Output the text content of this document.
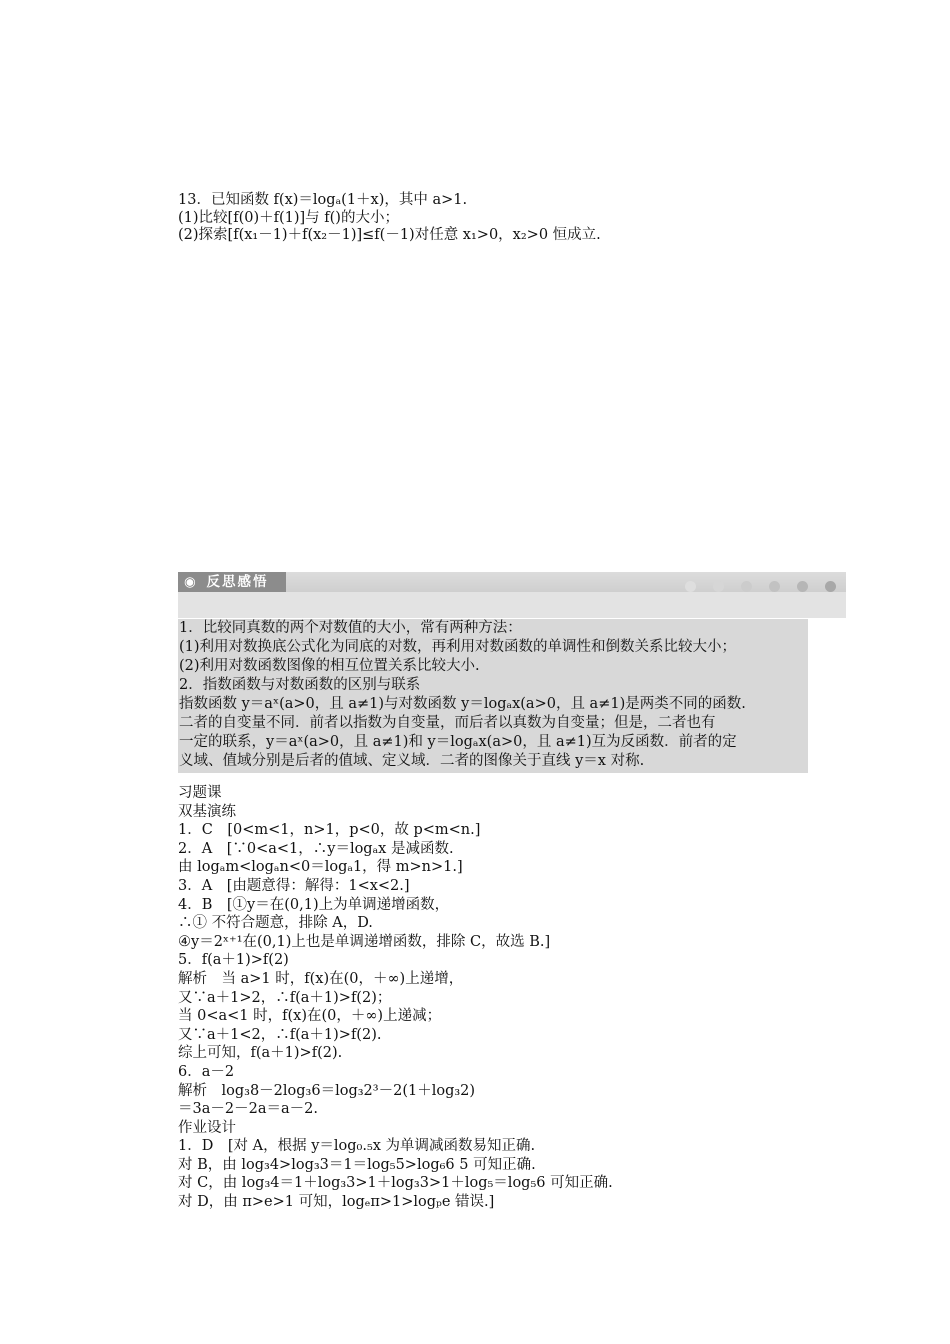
13．已知函数 f(x)＝logₐ(1＋x)，其中 a>1.
(1)比较[f(0)＋f(1)]与 f()的大小；
(2)探索[f(x₁－1)＋f(x₂－1)]≤f(－1)对任意 x₁>0，x₂>0 恒成立.
◉ 反思感悟

1．比较同真数的两个对数值的大小，常有两种方法：
(1)利用对数换底公式化为同底的对数，再利用对数函数的单调性和倒数关系比较大小；
(2)利用对数函数图像的相互位置关系比较大小.
2．指数函数与对数函数的区别与联系
指数函数 y＝aˣ(a>0，且 a≠1)与对数函数 y＝logₐx(a>0，且 a≠1)是两类不同的函数.
二者的自变量不同．前者以指数为自变量，而后者以真数为自变量；但是，二者也有
一定的联系，y＝aˣ(a>0，且 a≠1)和 y＝logₐx(a>0，且 a≠1)互为反函数．前者的定
义域、值域分别是后者的值域、定义域．二者的图像关于直线 y＝x 对称.
习题课
双基演练
1．C　[0<m<1，n>1，p<0，故 p<m<n.]
2．A　[∵0<a<1，∴y＝logₐx 是减函数.
由 logₐm<logₐn<0＝logₐ1，得 m>n>1.]
3．A　[由题意得：解得：1<x<2.]
4．B　[①y＝在(0,1)上为单调递增函数，
∴① 不符合题意，排除 A，D.
④y＝2ˣ⁺¹在(0,1)上也是单调递增函数，排除 C，故选 B.]
5．f(a＋1)>f(2)
解析　当 a>1 时，f(x)在(0，＋∞)上递增，
又∵a＋1>2，∴f(a＋1)>f(2)；
当 0<a<1 时，f(x)在(0，＋∞)上递减；
又∵a＋1<2，∴f(a＋1)>f(2).
综上可知，f(a＋1)>f(2).
6．a－2
解析　log₃8－2log₃6＝log₃2³－2(1＋log₃2)
＝3a－2－2a＝a－2.
作业设计
1．D　[对 A，根据 y＝log₀.₅x 为单调减函数易知正确.
对 B，由 log₃4>log₃3＝1＝log₅5>log₆6 5 可知正确.
对 C，由 log₃4＝1＋log₃3>1＋log₃3>1＋log₅＝log₅6 可知正确.
对 D，由 π>e>1 可知，logₑπ>1>logₚe 错误.]
